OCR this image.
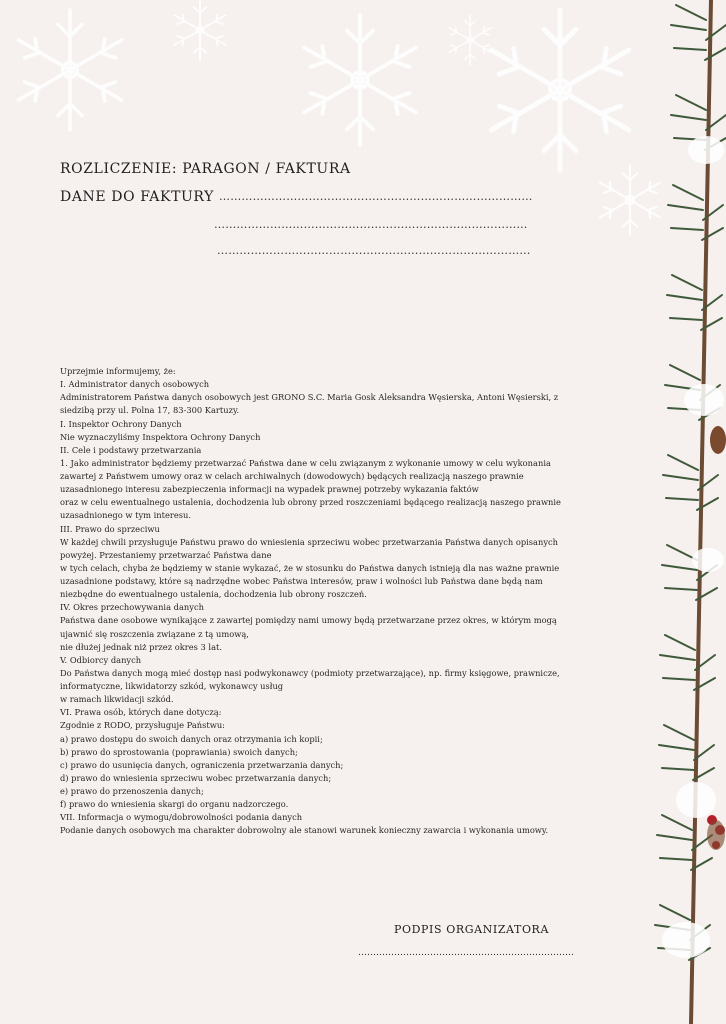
ROZLICZENIE: PARAGON / FAKTURA
DANE DO FAKTURY …………………………………………………………………………
…………………………………………………………………………
…………………………………………………………………………
Uprzejmie informujemy, że:
I. Administrator danych osobowych
Administratorem Państwa danych osobowych jest GRONO S.C. Maria Gosk Aleksandra Węsierska, Antoni Węsierski, z
siedzibą przy ul. Polna 17, 83-300 Kartuzy.
I. Inspektor Ochrony Danych
Nie wyznaczyliśmy Inspektora Ochrony Danych
II. Cele i podstawy przetwarzania
1. Jako administrator będziemy przetwarzać Państwa dane w celu związanym z wykonanie umowy w celu wykonania
zawartej z Państwem umowy oraz w celach archiwalnych (dowodowych) będących realizacją naszego prawnie
uzasadnionego interesu zabezpieczenia informacji na wypadek prawnej potrzeby wykazania faktów
oraz w celu ewentualnego ustalenia, dochodzenia lub obrony przed roszczeniami będącego realizacją naszego prawnie
uzasadnionego w tym interesu.
III. Prawo do sprzeciwu
W każdej chwili przysługuje Państwu prawo do wniesienia sprzeciwu wobec przetwarzania Państwa danych opisanych
powyżej. Przestaniemy przetwarzać Państwa dane
w tych celach, chyba że będziemy w stanie wykazać, że w stosunku do Państwa danych istnieją dla nas ważne prawnie
uzasadnione podstawy, które są nadrzędne wobec Państwa interesów, praw i wolności lub Państwa dane będą nam
niezbędne do ewentualnego ustalenia, dochodzenia lub obrony roszczeń.
IV. Okres przechowywania danych
Państwa dane osobowe wynikające z zawartej pomiędzy nami umowy będą przetwarzane przez okres, w którym mogą
ujawnić się roszczenia związane z tą umową,
nie dłużej jednak niż przez okres 3 lat.
V. Odbiorcy danych
Do Państwa danych mogą mieć dostęp nasi podwykonawcy (podmioty przetwarzające), np. firmy księgowe, prawnicze,
informatyczne, likwidatorzy szkód, wykonawcy usług
w ramach likwidacji szkód.
VI. Prawa osób, których dane dotyczą:
Zgodnie z RODO, przysługuje Państwu:
a) prawo dostępu do swoich danych oraz otrzymania ich kopii;
b) prawo do sprostowania (poprawiania) swoich danych;
c) prawo do usunięcia danych, ograniczenia przetwarzania danych;
d) prawo do wniesienia sprzeciwu wobec przetwarzania danych;
e) prawo do przenoszenia danych;
f) prawo do wniesienia skargi do organu nadzorczego.
VII. Informacja o wymogu/dobrowolności podania danych
Podanie danych osobowych ma charakter dobrowolny ale stanowi warunek konieczny zawarcia i wykonania umowy.
PODPIS ORGANIZATORA
………………………………………………………………
